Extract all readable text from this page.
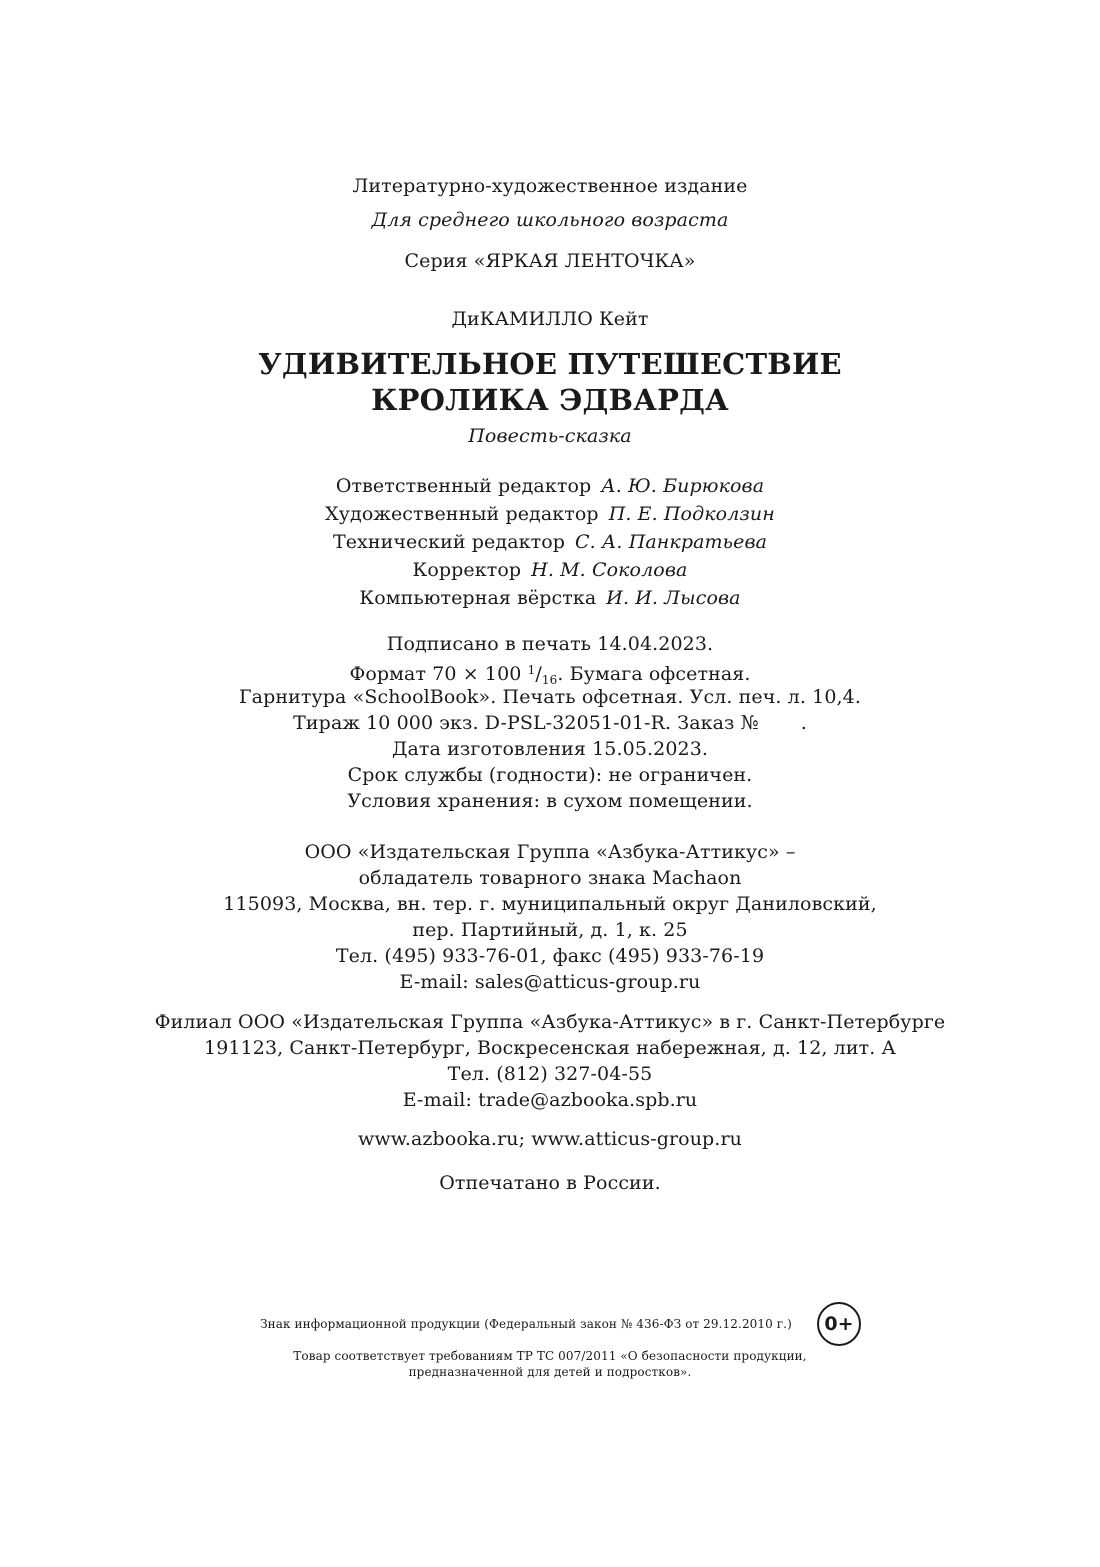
Литературно-художественное издание
Для среднего школьного возраста
Серия «ЯРКАЯ ЛЕНТОЧКА»
ДиКАМИЛЛО Кейт
УДИВИТЕЛЬНОЕ ПУТЕШЕСТВИЕ
КРОЛИКА ЭДВАРДА
Повесть-сказка
Ответственный редактор А. Ю. Бирюкова
Художественный редактор П. Е. Подколзин
Технический редактор С. А. Панкратьева
Корректор Н. М. Соколова
Компьютерная вёрстка И. И. Лысова
Подписано в печать 14.04.2023.
Формат 70 × 100 $^1/_{16}$. Бумага офсетная.
Гарнитура «SchoolBook». Печать офсетная. Усл. печ. л. 10,4.
Тираж 10 000 экз. D-PSL-32051-01-R. Заказ № .
Дата изготовления 15.05.2023.
Срок службы (годности): не ограничен.
Условия хранения: в сухом помещении.
ООО «Издательская Группа «Азбука-Аттикус» –
обладатель товарного знака Machaon
115093, Москва, вн. тер. г. муниципальный округ Даниловский,
пер. Партийный, д. 1, к. 25
Тел. (495) 933-76-01, факс (495) 933-76-19
E-mail: sales@atticus-group.ru
Филиал ООО «Издательская Группа «Азбука-Аттикус» в г. Санкт-Петербурге
191123, Санкт-Петербург, Воскресенская набережная, д. 12, лит. А
Тел. (812) 327-04-55
E-mail: trade@azbooka.spb.ru
www.azbooka.ru; www.atticus-group.ru
Отпечатано в России.
Знак информационной продукции (Федеральный закон № 436-ФЗ от 29.12.2010 г.)	0+
Товар соответствует требованиям ТР ТС 007/2011 «О безопасности продукции,
предназначенной для детей и подростков».
